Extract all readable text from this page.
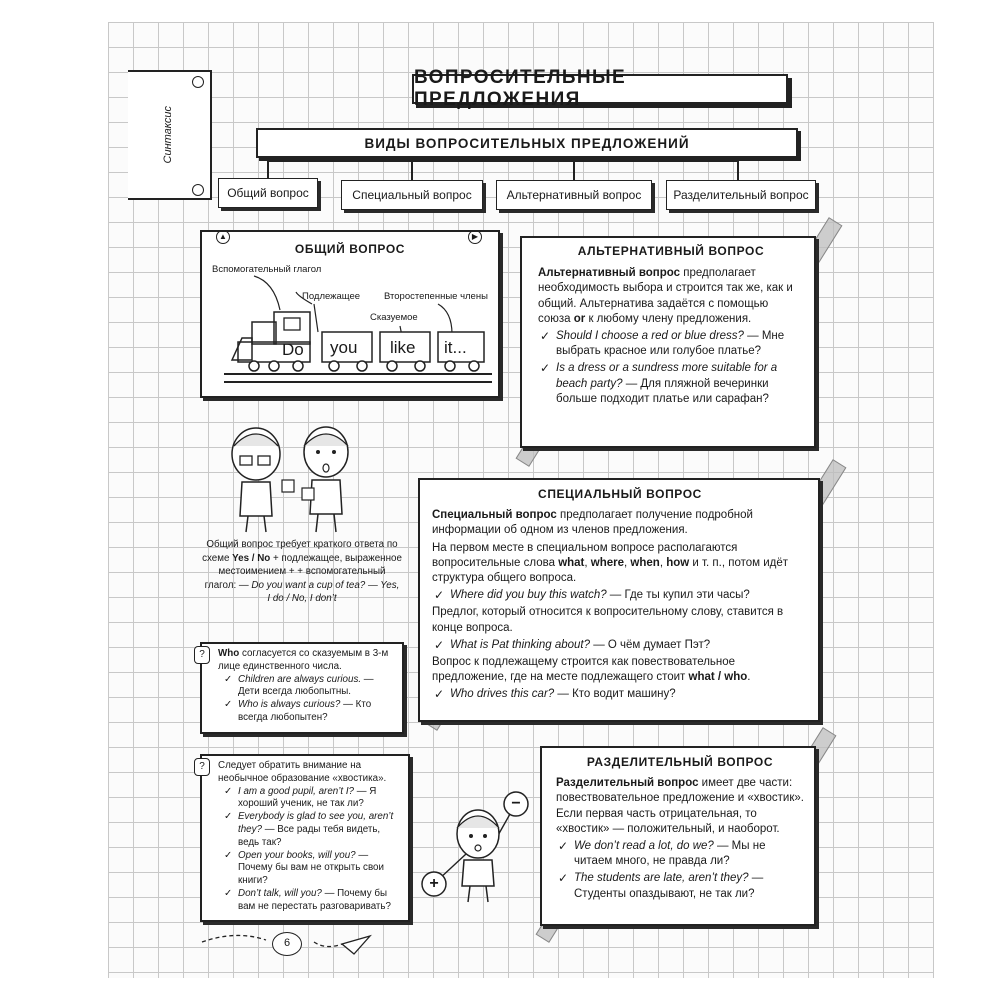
Синтаксис
ВОПРОСИТЕЛЬНЫЕ ПРЕДЛОЖЕНИЯ
ВИДЫ ВОПРОСИТЕЛЬНЫХ ПРЕДЛОЖЕНИЙ
Общий вопрос	Специальный вопрос	Альтернативный вопрос	Разделительный вопрос
▲	▶
ОБЩИЙ ВОПРОС
Вспомогательный глагол
Подлежащее	Второстепенные члены
Сказуемое
Do you like it...
АЛЬТЕРНАТИВНЫЙ ВОПРОС

Альтернативный вопрос предполагает необходимость выбора и строится так же, как и общий. Альтернатива задаётся с помощью союза or к любому члену предложения.

✓ Should I choose a red or blue dress? — Мне выбрать красное или голубое платье?

✓ Is a dress or a sundress more suitable for a beach party? — Для пляжной вечеринки больше подходит платье или сарафан?

Общий вопрос требует краткого ответа по схеме Yes / No + подлежащее, выраженное местоимением + + вспомогательный глагол: — Do you want a cup of tea? — Yes, I do / No, I don’t
СПЕЦИАЛЬНЫЙ ВОПРОС

Специальный вопрос предполагает получение подробной информации об одном из членов предложения.

На первом месте в специальном вопросе располагаются вопросительные слова what, where, when, how и т. п., потом идёт структура общего вопроса.

✓ Where did you buy this watch? — Где ты купил эти часы?

Предлог, который относится к вопросительному слову, ставится в конце вопроса.

✓ What is Pat thinking about? — О чём думает Пэт?

Вопрос к подлежащему строится как повествовательное предложение, где на месте подлежащего стоит what / who.

✓ Who drives this car? — Кто водит машину?

?	Who согласуется со сказуемым в 3-м лице единственного числа.

✓ Children are always curious. — Дети всегда любопытны.

✓ Who is always curious? — Кто всегда любопытен?

?	Следует обратить внимание на необычное образование «хвостика».

✓ I am a good pupil, aren’t I? — Я хороший ученик, не так ли?

✓ Everybody is glad to see you, aren’t they? — Все рады тебя видеть, ведь так?

✓ Open your books, will you? — Почему бы вам не открыть свои книги?

✓ Don’t talk, will you? — Почему бы вам не перестать разговаривать?

−
+
РАЗДЕЛИТЕЛЬНЫЙ ВОПРОС

Разделительный вопрос имеет две части: повествовательное предложение и «хвостик». Если первая часть отрицательная, то «хвостик» — положительный, и наоборот.

✓ We don’t read a lot, do we? — Мы не читаем много, не правда ли?

✓ The students are late, aren’t they? — Студенты опаздывают, не так ли?

6
